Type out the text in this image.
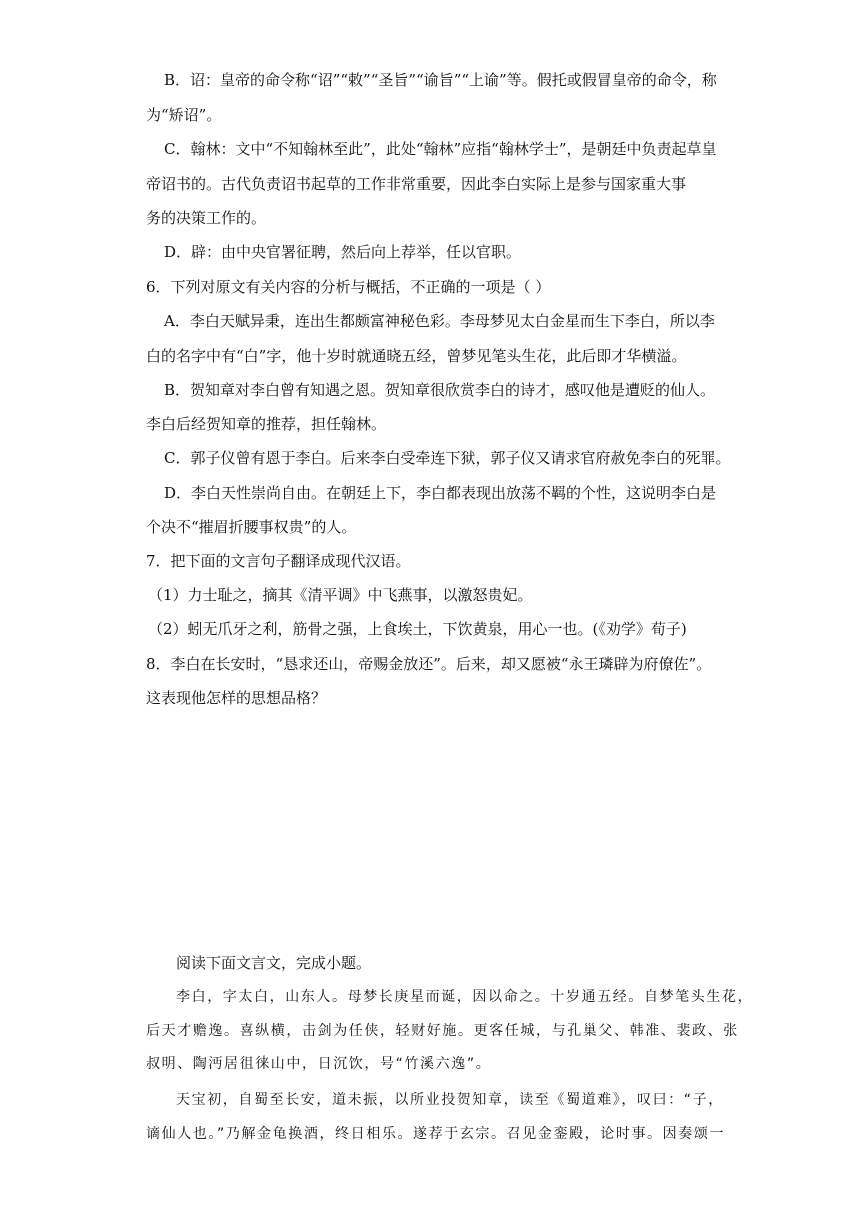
B．诏：皇帝的命令称“诏”“敕”“圣旨”“谕旨”“上谕”等。假托或假冒皇帝的命令，称
为“矫诏”。
C．翰林：文中“不知翰林至此”，此处“翰林”应指“翰林学士”，是朝廷中负责起草皇
帝诏书的。古代负责诏书起草的工作非常重要，因此李白实际上是参与国家重大事
务的决策工作的。
D．辟：由中央官署征聘，然后向上荐举，任以官职。
6．下列对原文有关内容的分析与概括，不正确的一项是（ ）
A．李白天赋异秉，连出生都颇富神秘色彩。李母梦见太白金星而生下李白，所以李
白的名字中有“白”字，他十岁时就通晓五经，曾梦见笔头生花，此后即才华横溢。
B．贺知章对李白曾有知遇之恩。贺知章很欣赏李白的诗才，感叹他是遭贬的仙人。
李白后经贺知章的推荐，担任翰林。
C．郭子仪曾有恩于李白。后来李白受牵连下狱，郭子仪又请求官府赦免李白的死罪。
D．李白天性崇尚自由。在朝廷上下，李白都表现出放荡不羁的个性，这说明李白是
个决不“摧眉折腰事权贵”的人。
7．把下面的文言句子翻译成现代汉语。
（1）力士耻之，摘其《清平调》中飞燕事，以激怒贵妃。
（2）蚓无爪牙之利，筋骨之强，上食埃土，下饮黄泉，用心一也。(《劝学》荀子)
8．李白在长安时，“恳求还山，帝赐金放还”。后来，却又愿被“永王璘辟为府僚佐”。
这表现他怎样的思想品格？
阅读下面文言文，完成小题。
李白，字太白，山东人。母梦长庚星而诞，因以命之。十岁通五经。自梦笔头生花，
后天才赡逸。喜纵横，击剑为任侠，轻财好施。更客任城，与孔巢父、韩准、裴政、张
叔明、陶沔居徂徕山中，日沉饮，号“竹溪六逸”。
天宝初，自蜀至长安，道未振，以所业投贺知章，读至《蜀道难》，叹曰：“子，
谪仙人也。”乃解金龟换酒，终日相乐。遂荐于玄宗。召见金銮殿，论时事。因奏颂一
